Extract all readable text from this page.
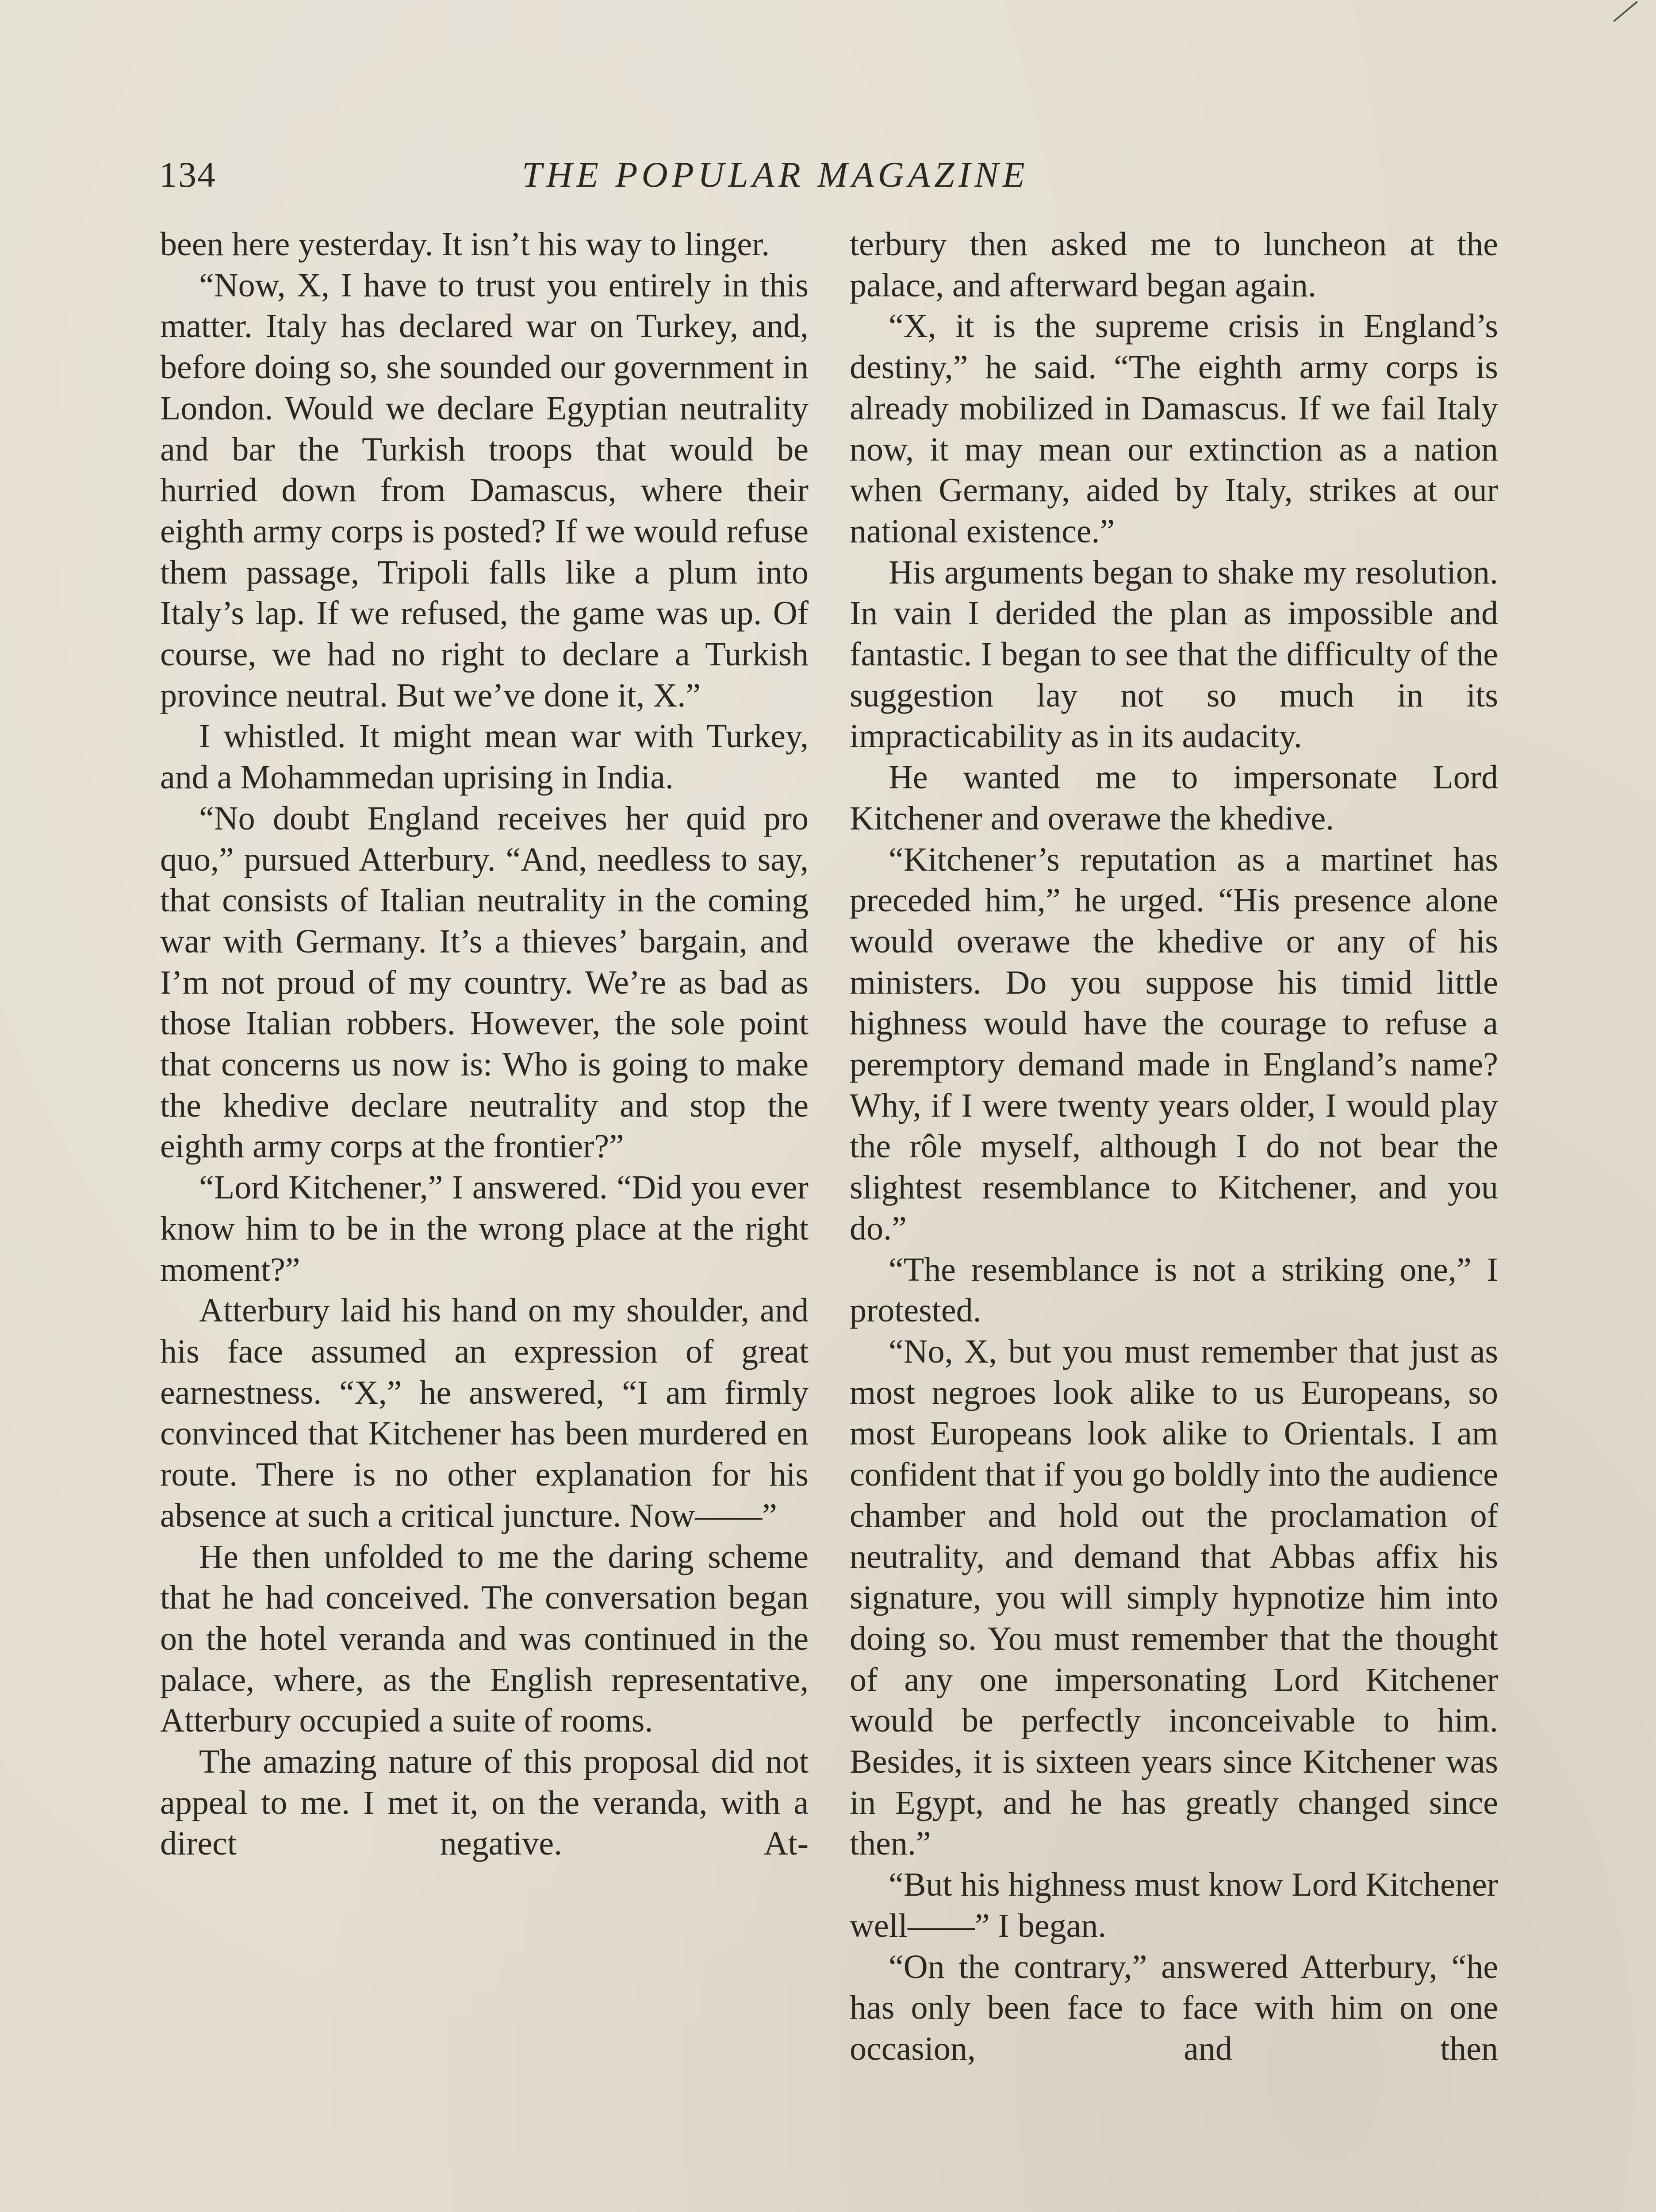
134	THE POPULAR MAGAZINE

been here yesterday. It isn’t his way to linger.

“Now, X, I have to trust you entirely in this matter. Italy has declared war on Turkey, and, before doing so, she sounded our government in London. Would we declare Egyptian neutrality and bar the Turkish troops that would be hurried down from Damascus, where their eighth army corps is posted? If we would refuse them passage, Tripoli falls like a plum into Italy’s lap. If we refused, the game was up. Of course, we had no right to declare a Turkish province neutral. But we’ve done it, X.”

I whistled. It might mean war with Turkey, and a Mohammedan uprising in India.

“No doubt England receives her quid pro quo,” pursued Atterbury. “And, needless to say, that consists of Italian neutrality in the coming war with Germany. It’s a thieves’ bargain, and I’m not proud of my country. We’re as bad as those Italian robbers. However, the sole point that concerns us now is: Who is going to make the khedive declare neutrality and stop the eighth army corps at the frontier?”

“Lord Kitchener,” I answered. “Did you ever know him to be in the wrong place at the right moment?”

Atterbury laid his hand on my shoulder, and his face assumed an expression of great earnestness. “X,” he answered, “I am firmly convinced that Kitchener has been murdered en route. There is no other explanation for his absence at such a critical juncture. Now——”

He then unfolded to me the daring scheme that he had conceived. The conversation began on the hotel veranda and was continued in the palace, where, as the English representative, Atterbury occupied a suite of rooms.

The amazing nature of this proposal did not appeal to me. I met it, on the veranda, with a direct negative. At-

terbury then asked me to luncheon at the palace, and afterward began again.

“X, it is the supreme crisis in England’s destiny,” he said. “The eighth army corps is already mobilized in Damascus. If we fail Italy now, it may mean our extinction as a nation when Germany, aided by Italy, strikes at our national existence.”

His arguments began to shake my resolution. In vain I derided the plan as impossible and fantastic. I began to see that the difficulty of the suggestion lay not so much in its impracticability as in its audacity.

He wanted me to impersonate Lord Kitchener and overawe the khedive.

“Kitchener’s reputation as a martinet has preceded him,” he urged. “His presence alone would overawe the khedive or any of his ministers. Do you suppose his timid little highness would have the courage to refuse a peremptory demand made in England’s name? Why, if I were twenty years older, I would play the rôle myself, although I do not bear the slightest resemblance to Kitchener, and you do.”

“The resemblance is not a striking one,” I protested.

“No, X, but you must remember that just as most negroes look alike to us Europeans, so most Europeans look alike to Orientals. I am confident that if you go boldly into the audience chamber and hold out the proclamation of neutrality, and demand that Abbas affix his signature, you will simply hypnotize him into doing so. You must remember that the thought of any one impersonating Lord Kitchener would be perfectly inconceivable to him. Besides, it is sixteen years since Kitchener was in Egypt, and he has greatly changed since then.”

“But his highness must know Lord Kitchener well——” I began.

“On the contrary,” answered Atterbury, “he has only been face to face with him on one occasion, and then
